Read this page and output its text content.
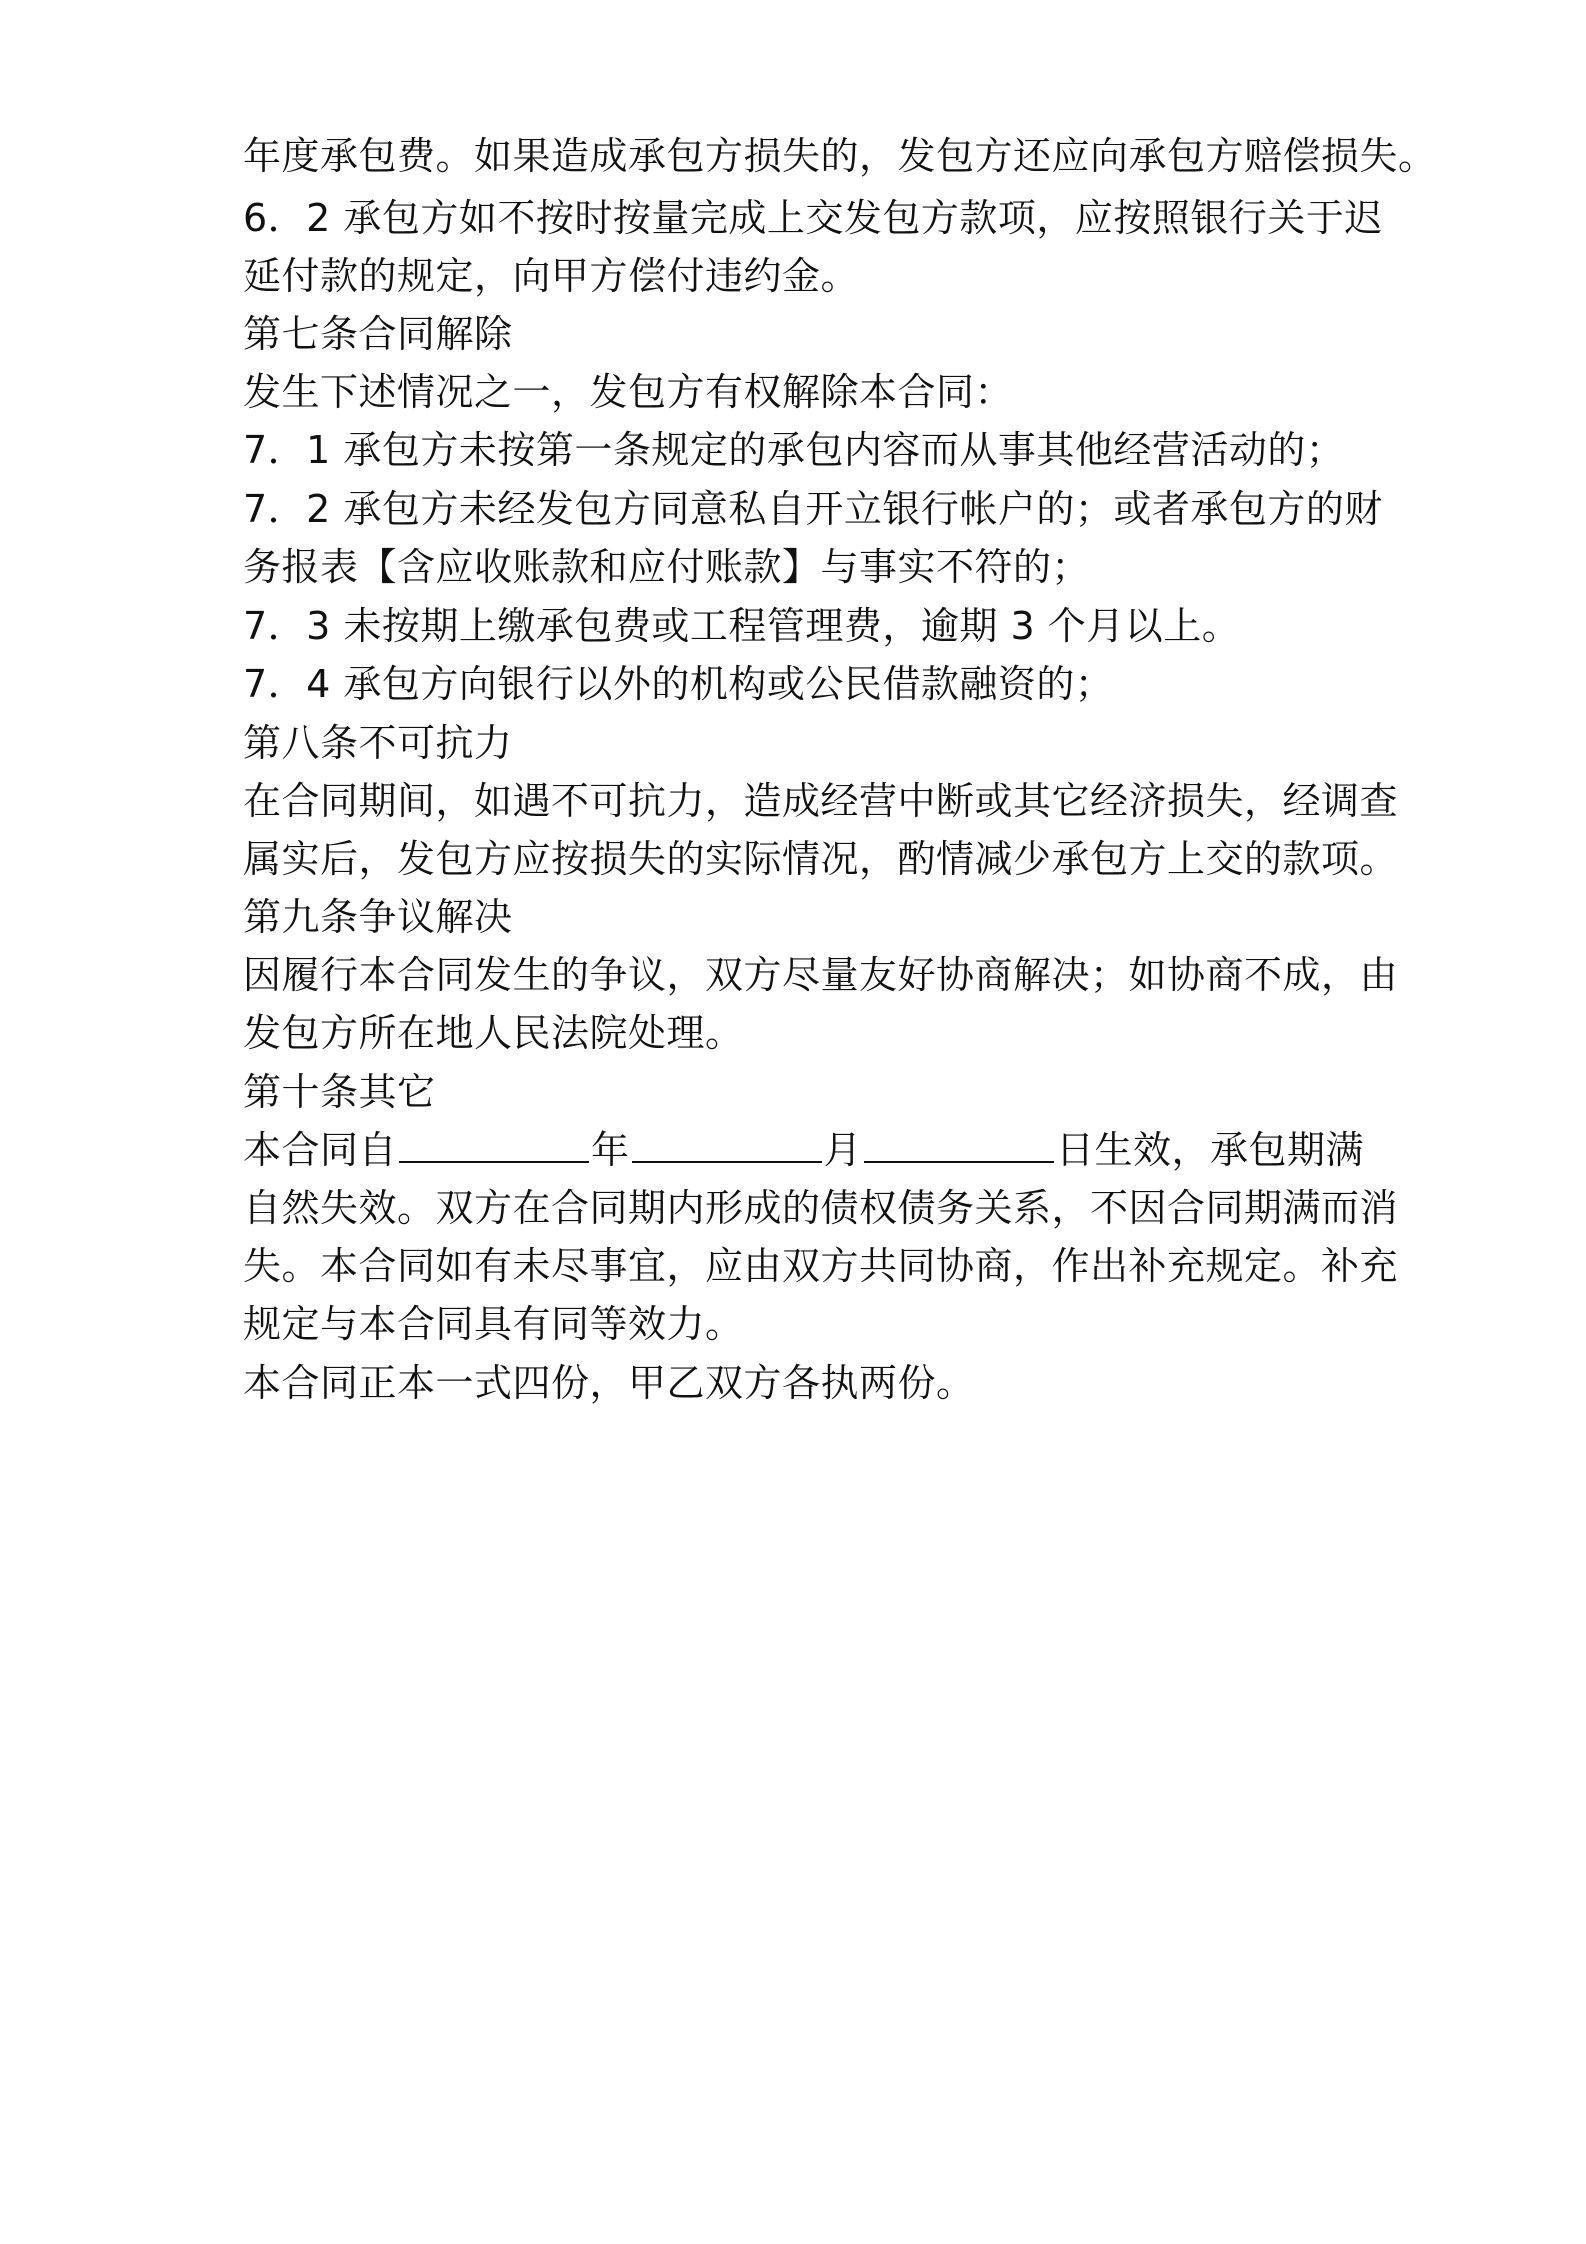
年度承包费。如果造成承包方损失的，发包方还应向承包方赔偿损失。

6．2 承包方如不按时按量完成上交发包方款项，应按照银行关于迟

延付款的规定，向甲方偿付违约金。

第七条合同解除

发生下述情况之一，发包方有权解除本合同：

7．1 承包方未按第一条规定的承包内容而从事其他经营活动的；

7．2 承包方未经发包方同意私自开立银行帐户的；或者承包方的财

务报表【含应收账款和应付账款】与事实不符的；

7．3 未按期上缴承包费或工程管理费，逾期 3 个月以上。

7．4 承包方向银行以外的机构或公民借款融资的；

第八条不可抗力

在合同期间，如遇不可抗力，造成经营中断或其它经济损失，经调查

属实后，发包方应按损失的实际情况，酌情减少承包方上交的款项。

第九条争议解决

因履行本合同发生的争议，双方尽量友好协商解决；如协商不成，由

发包方所在地人民法院处理。

第十条其它

本合同自	年	月	日生效，承包期满

自然失效。双方在合同期内形成的债权债务关系，不因合同期满而消

失。本合同如有未尽事宜，应由双方共同协商，作出补充规定。补充

规定与本合同具有同等效力。

本合同正本一式四份，甲乙双方各执两份。
